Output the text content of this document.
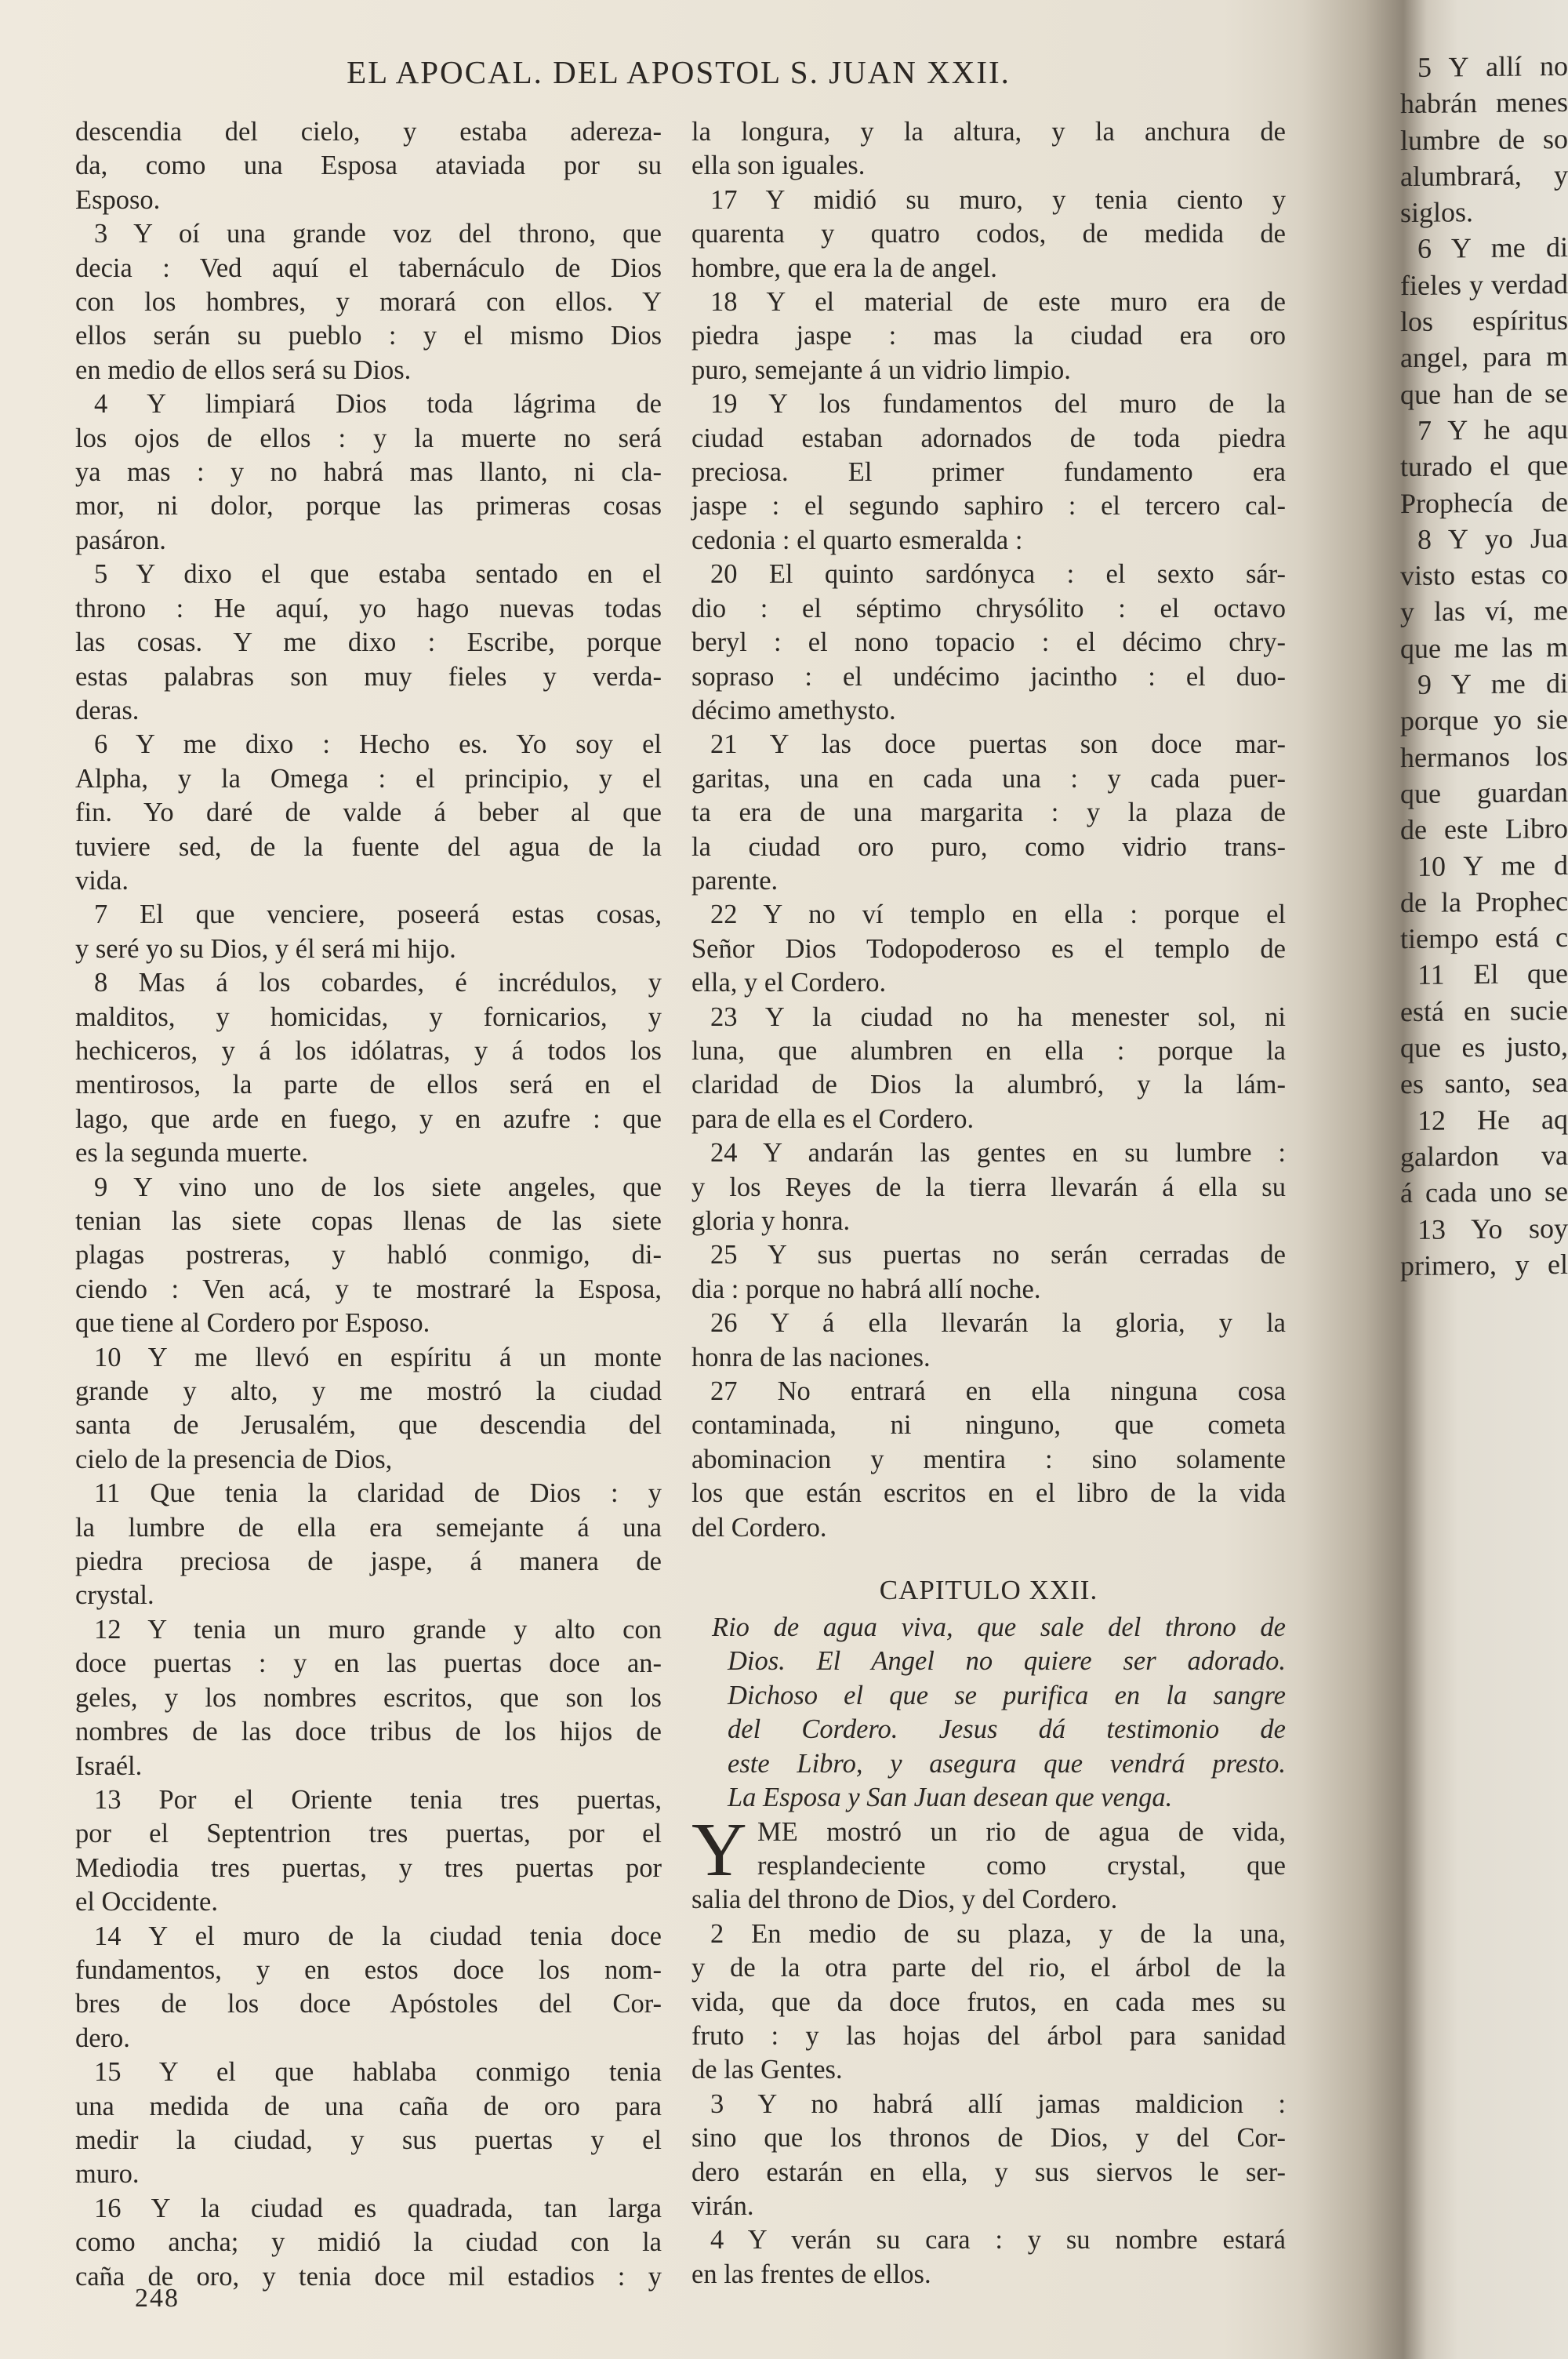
EL APOCAL. DEL APOSTOL S. JUAN XXII.
descendia del cielo, y estaba adereza-
da, como una Esposa ataviada por su
Esposo.
3 Y oí una grande voz del throno, que
decia : Ved aquí el tabernáculo de Dios
con los hombres, y morará con ellos. Y
ellos serán su pueblo : y el mismo Dios
en medio de ellos será su Dios.
4 Y limpiará Dios toda lágrima de
los ojos de ellos : y la muerte no será
ya mas : y no habrá mas llanto, ni cla-
mor, ni dolor, porque las primeras cosas
pasáron.
5 Y dixo el que estaba sentado en el
throno : He aquí, yo hago nuevas todas
las cosas. Y me dixo : Escribe, porque
estas palabras son muy fieles y verda-
deras.
6 Y me dixo : Hecho es. Yo soy el
Alpha, y la Omega : el principio, y el
fin. Yo daré de valde á beber al que
tuviere sed, de la fuente del agua de la
vida.
7 El que venciere, poseerá estas cosas,
y seré yo su Dios, y él será mi hijo.
8 Mas á los cobardes, é incrédulos, y
malditos, y homicidas, y fornicarios, y
hechiceros, y á los idólatras, y á todos los
mentirosos, la parte de ellos será en el
lago, que arde en fuego, y en azufre : que
es la segunda muerte.
9 Y vino uno de los siete angeles, que
tenian las siete copas llenas de las siete
plagas postreras, y habló conmigo, di-
ciendo : Ven acá, y te mostraré la Esposa,
que tiene al Cordero por Esposo.
10 Y me llevó en espíritu á un monte
grande y alto, y me mostró la ciudad
santa de Jerusalém, que descendia del
cielo de la presencia de Dios,
11 Que tenia la claridad de Dios : y
la lumbre de ella era semejante á una
piedra preciosa de jaspe, á manera de
crystal.
12 Y tenia un muro grande y alto con
doce puertas : y en las puertas doce an-
geles, y los nombres escritos, que son los
nombres de las doce tribus de los hijos de
Israél.
13 Por el Oriente tenia tres puertas,
por el Septentrion tres puertas, por el
Mediodia tres puertas, y tres puertas por
el Occidente.
14 Y el muro de la ciudad tenia doce
fundamentos, y en estos doce los nom-
bres de los doce Apóstoles del Cor-
dero.
15 Y el que hablaba conmigo tenia
una medida de una caña de oro para
medir la ciudad, y sus puertas y el
muro.
16 Y la ciudad es quadrada, tan larga
como ancha; y midió la ciudad con la
caña de oro, y tenia doce mil estadios : y
la longura, y la altura, y la anchura de
ella son iguales.
17 Y midió su muro, y tenia ciento y
quarenta y quatro codos, de medida de
hombre, que era la de angel.
18 Y el material de este muro era de
piedra jaspe : mas la ciudad era oro
puro, semejante á un vidrio limpio.
19 Y los fundamentos del muro de la
ciudad estaban adornados de toda piedra
preciosa. El primer fundamento era
jaspe : el segundo saphiro : el tercero cal-
cedonia : el quarto esmeralda :
20 El quinto sardónyca : el sexto sár-
dio : el séptimo chrysólito : el octavo
beryl : el nono topacio : el décimo chry-
sopraso : el undécimo jacintho : el duo-
décimo amethysto.
21 Y las doce puertas son doce mar-
garitas, una en cada una : y cada puer-
ta era de una margarita : y la plaza de
la ciudad oro puro, como vidrio trans-
parente.
22 Y no ví templo en ella : porque el
Señor Dios Todopoderoso es el templo de
ella, y el Cordero.
23 Y la ciudad no ha menester sol, ni
luna, que alumbren en ella : porque la
claridad de Dios la alumbró, y la lám-
para de ella es el Cordero.
24 Y andarán las gentes en su lumbre :
y los Reyes de la tierra llevarán á ella su
gloria y honra.
25 Y sus puertas no serán cerradas de
dia : porque no habrá allí noche.
26 Y á ella llevarán la gloria, y la
honra de las naciones.
27 No entrará en ella ninguna cosa
contaminada, ni ninguno, que cometa
abominacion y mentira : sino solamente
los que están escritos en el libro de la vida
del Cordero.
CAPITULO XXII.
Rio de agua viva, que sale del throno de
Dios. El Angel no quiere ser adorado.
Dichoso el que se purifica en la sangre
del Cordero. Jesus dá testimonio de
este Libro, y asegura que vendrá presto.
La Esposa y San Juan desean que venga.
Y ME mostró un rio de agua de vida,
resplandeciente como crystal, que
salia del throno de Dios, y del Cordero.
2 En medio de su plaza, y de la una,
y de la otra parte del rio, el árbol de la
vida, que da doce frutos, en cada mes su
fruto : y las hojas del árbol para sanidad
de las Gentes.
3 Y no habrá allí jamas maldicion :
sino que los thronos de Dios, y del Cor-
dero estarán en ella, y sus siervos le ser-
virán.
4 Y verán su cara : y su nombre estará
en las frentes de ellos.
248
5 Y allí no
habrán menes
lumbre de so
alumbrará, y
siglos.
6 Y me di
fieles y verdad
los espíritus
angel, para m
que han de se
7 Y he aqu
turado el que
Prophecía de
8 Y yo Jua
visto estas co
y las ví, me
que me las m
9 Y me di
porque yo sie
hermanos los
que guardan
de este Libro
10 Y me d
de la Prophec
tiempo está c
11 El que
está en sucie
que es justo,
es santo, sea
12 He aq
galardon va
á cada uno se
13 Yo soy
primero, y el
